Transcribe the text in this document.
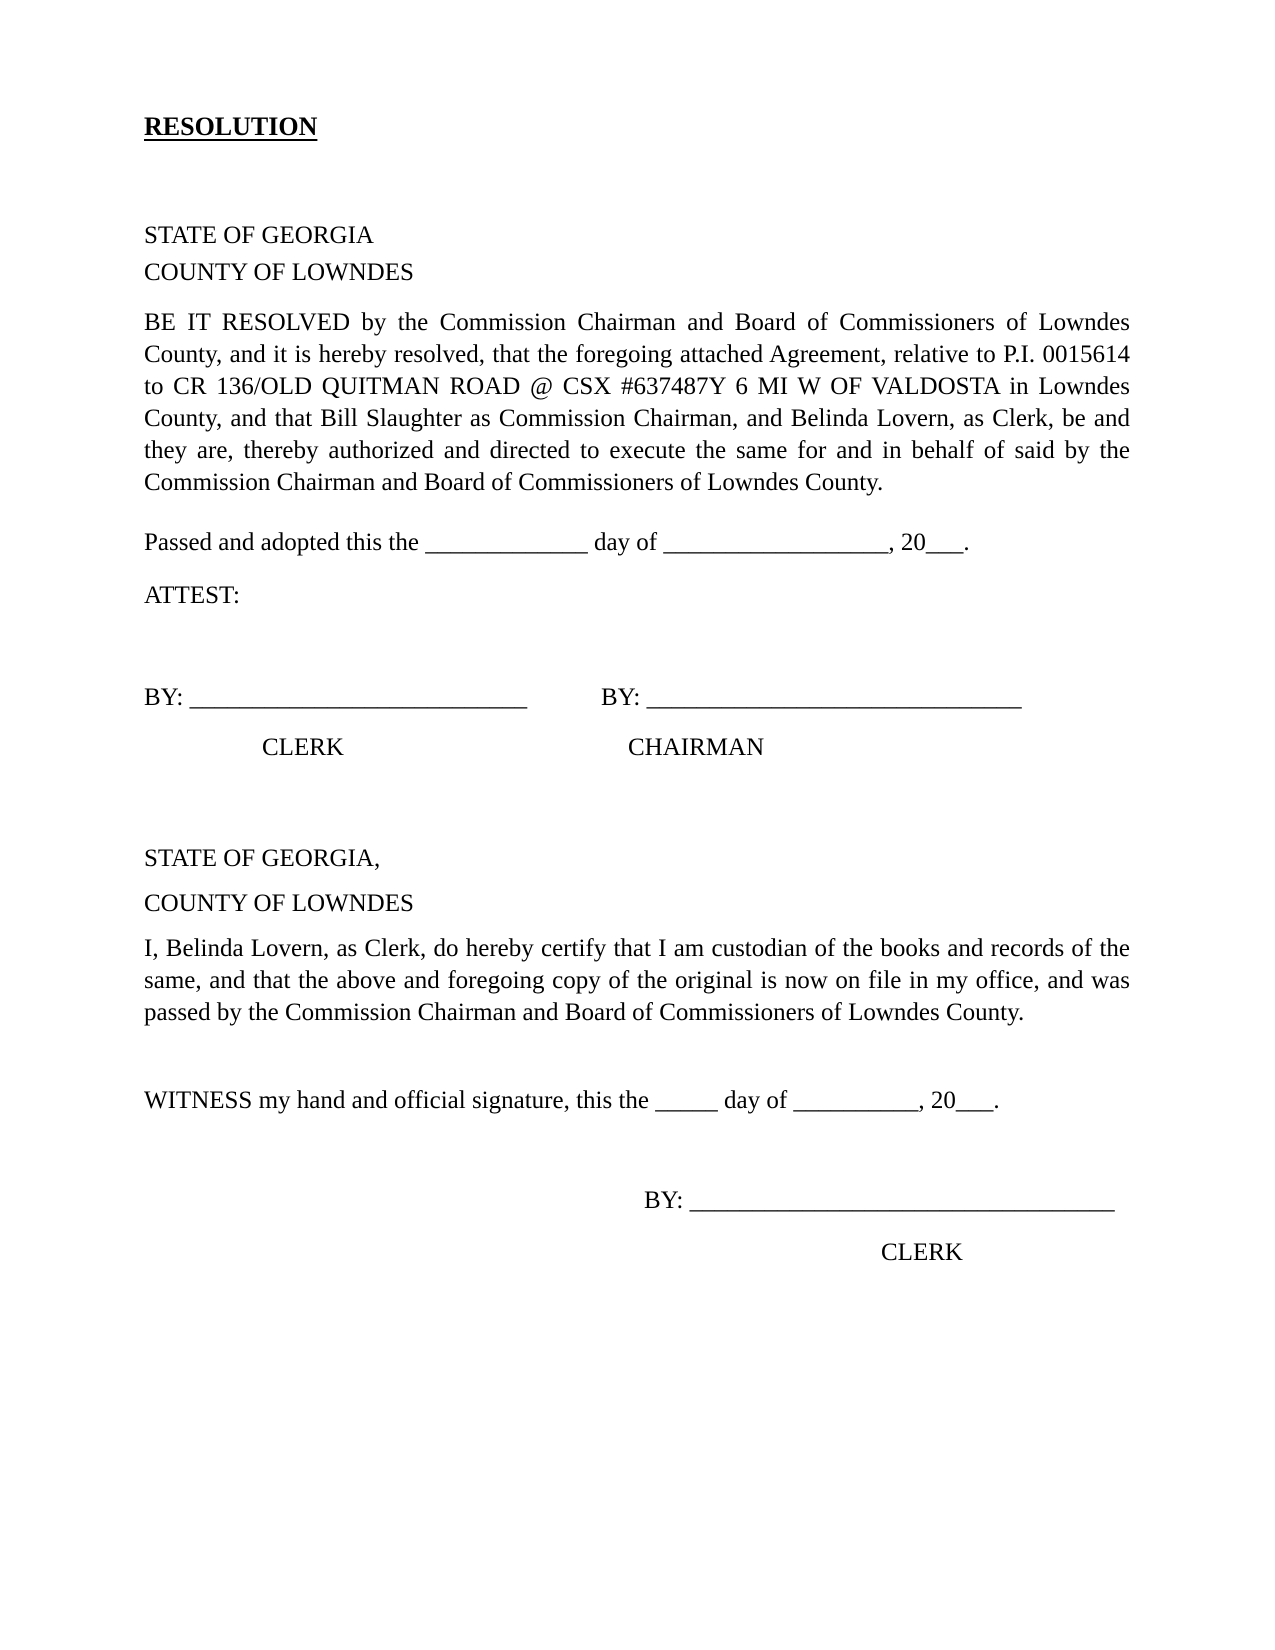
RESOLUTION
STATE OF GEORGIA
COUNTY OF LOWNDES
BE IT RESOLVED by the Commission Chairman and Board of Commissioners of Lowndes County, and it is hereby resolved, that the foregoing attached Agreement, relative to P.I. 0015614 to CR 136/OLD QUITMAN ROAD @ CSX #637487Y 6 MI W OF VALDOSTA in Lowndes County, and that Bill Slaughter as Commission Chairman, and Belinda Lovern, as Clerk, be and they are, thereby authorized and directed to execute the same for and in behalf of said by the Commission Chairman and Board of Commissioners of Lowndes County.
Passed and adopted this the _____________ day of __________________, 20___.
ATTEST:
BY: ___________________________	BY: ______________________________
CLERK	CHAIRMAN
STATE OF GEORGIA,
COUNTY OF LOWNDES
I, Belinda Lovern, as Clerk, do hereby certify that I am custodian of the books and records of the same, and that the above and foregoing copy of the original is now on file in my office, and was passed by the Commission Chairman and Board of Commissioners of Lowndes County.
WITNESS my hand and official signature, this the _____ day of __________, 20___.
BY: __________________________________
CLERK
